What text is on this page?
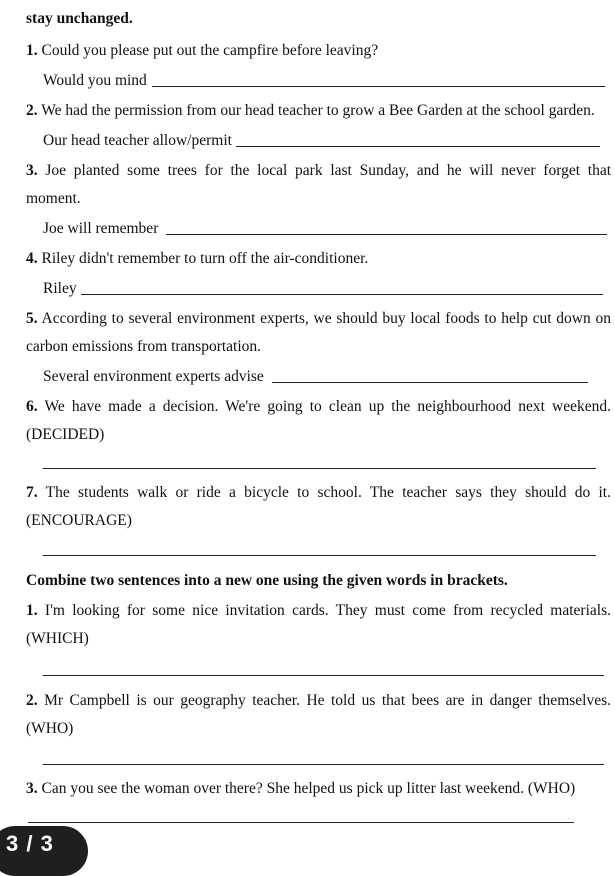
stay unchanged.
1. Could you please put out the campfire before leaving?
Would you mind
2. We had the permission from our head teacher to grow a Bee Garden at the school garden.
Our head teacher allow/permit
3. Joe planted some trees for the local park last Sunday, and he will never forget that
moment.
Joe will remember
4. Riley didn't remember to turn off the air-conditioner.
Riley
5. According to several environment experts, we should buy local foods to help cut down on
carbon emissions from transportation.
Several environment experts advise
6. We have made a decision. We're going to clean up the neighbourhood next weekend.
(DECIDED)
7. The students walk or ride a bicycle to school. The teacher says they should do it.
(ENCOURAGE)
Combine two sentences into a new one using the given words in brackets.
1. I'm looking for some nice invitation cards. They must come from recycled materials.
(WHICH)
2. Mr Campbell is our geography teacher. He told us that bees are in danger themselves.
(WHO)
3. Can you see the woman over there? She helped us pick up litter last weekend. (WHO)
3 / 3
